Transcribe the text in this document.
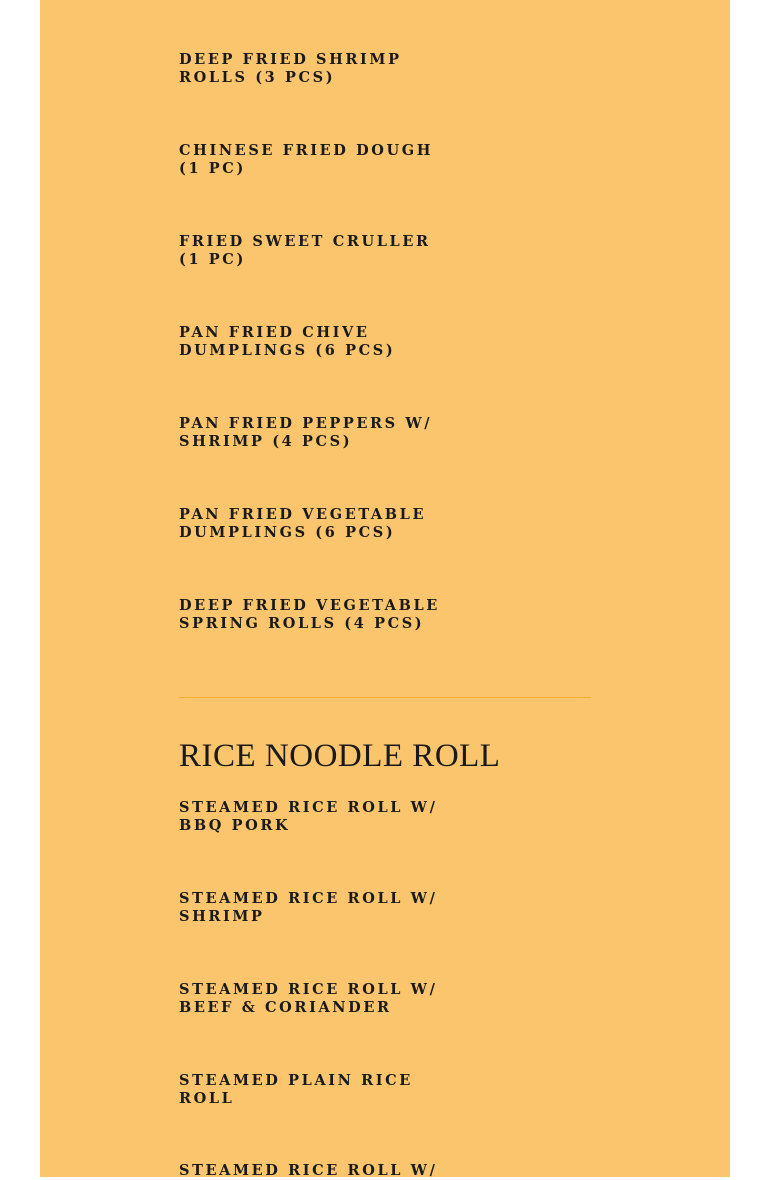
DEEP FRIED SHRIMP ROLLS (3 PCS)
CHINESE FRIED DOUGH (1 PC)
FRIED SWEET CRULLER (1 PC)
PAN FRIED CHIVE DUMPLINGS (6 PCS)
PAN FRIED PEPPERS W/ SHRIMP (4 PCS)
PAN FRIED VEGETABLE DUMPLINGS (6 PCS)
DEEP FRIED VEGETABLE SPRING ROLLS (4 PCS)
RICE NOODLE ROLL
STEAMED RICE ROLL W/ BBQ PORK
STEAMED RICE ROLL W/ SHRIMP
STEAMED RICE ROLL W/ BEEF & CORIANDER
STEAMED PLAIN RICE ROLL
STEAMED RICE ROLL W/
